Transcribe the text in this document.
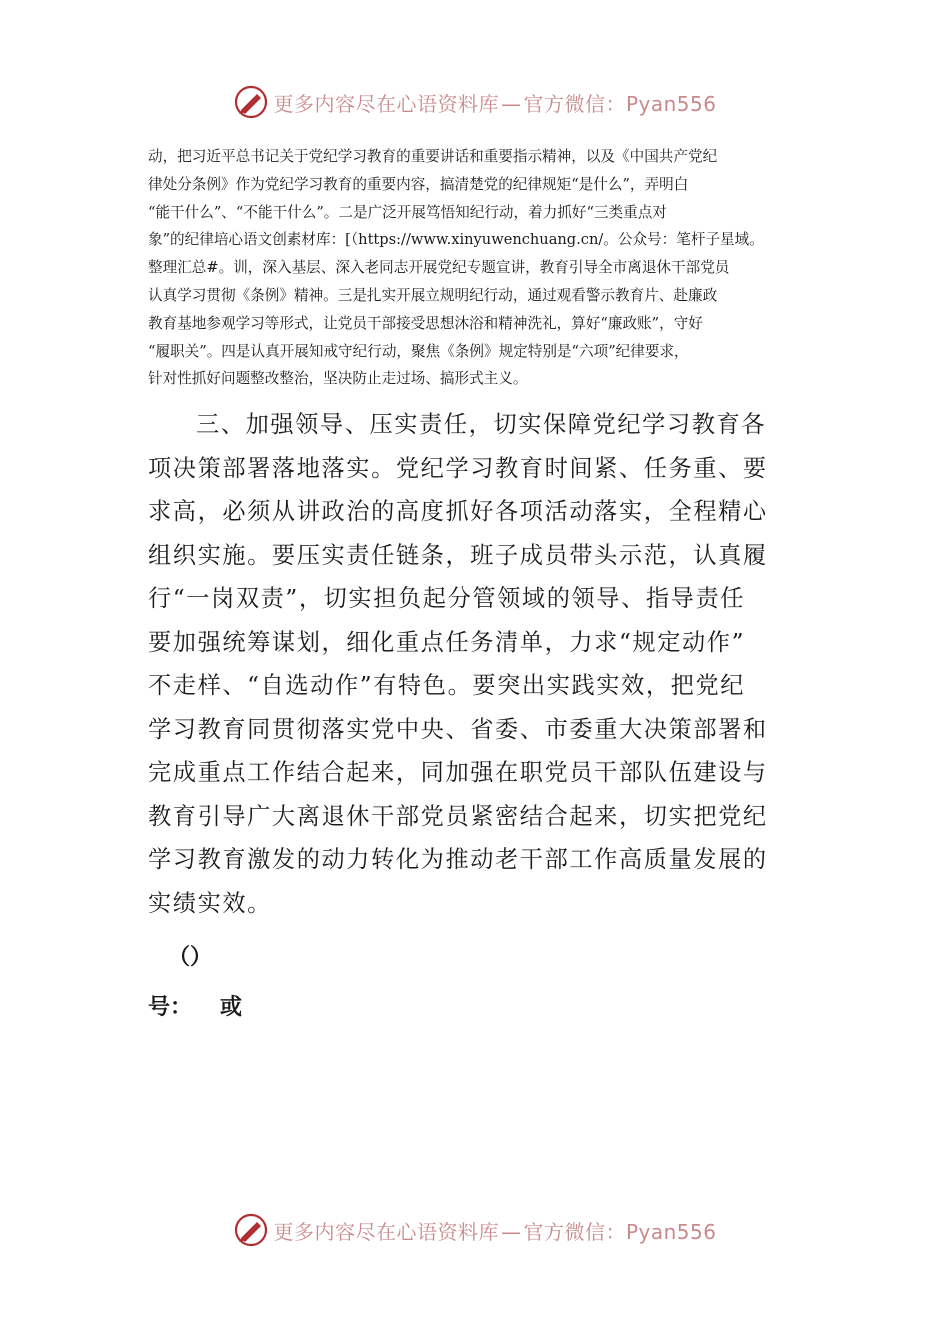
更多内容尽在心语资料库 — 官方微信：Pyan556
动，把习近平总书记关于党纪学习教育的重要讲话和重要指示精神，以及《中国共产党纪
律处分条例》作为党纪学习教育的重要内容，搞清楚党的纪律规矩“是什么”，弄明白
“能干什么”、“不能干什么”。二是广泛开展笃悟知纪行动，着力抓好“三类重点对
象”的纪律培心语文创素材库：[（https://www.xinyuwenchuang.cn/。公众号：笔杆子星域。
整理汇总#。训，深入基层、深入老同志开展党纪专题宣讲，教育引导全市离退休干部党员
认真学习贯彻《条例》精神。三是扎实开展立规明纪行动，通过观看警示教育片、赴廉政
教育基地参观学习等形式，让党员干部接受思想沐浴和精神洗礼，算好“廉政账”，守好
“履职关”。四是认真开展知戒守纪行动，聚焦《条例》规定特别是“六项”纪律要求，
针对性抓好问题整改整治，坚决防止走过场、搞形式主义。
三、加强领导、压实责任，切实保障党纪学习教育各
项决策部署落地落实。党纪学习教育时间紧、任务重、要
求高，必须从讲政治的高度抓好各项活动落实，全程精心
组织实施。要压实责任链条，班子成员带头示范，认真履
行“一岗双责”，切实担负起分管领域的领导、指导责任
要加强统筹谋划，细化重点任务清单，力求“规定动作”
不走样、“自选动作”有特色。要突出实践实效，把党纪
学习教育同贯彻落实党中央、省委、市委重大决策部署和
完成重点工作结合起来，同加强在职党员干部队伍建设与
教育引导广大离退休干部党员紧密结合起来，切实把党纪
学习教育激发的动力转化为推动老干部工作高质量发展的
实绩实效。
（）
号： 或
更多内容尽在心语资料库 — 官方微信：Pyan556
